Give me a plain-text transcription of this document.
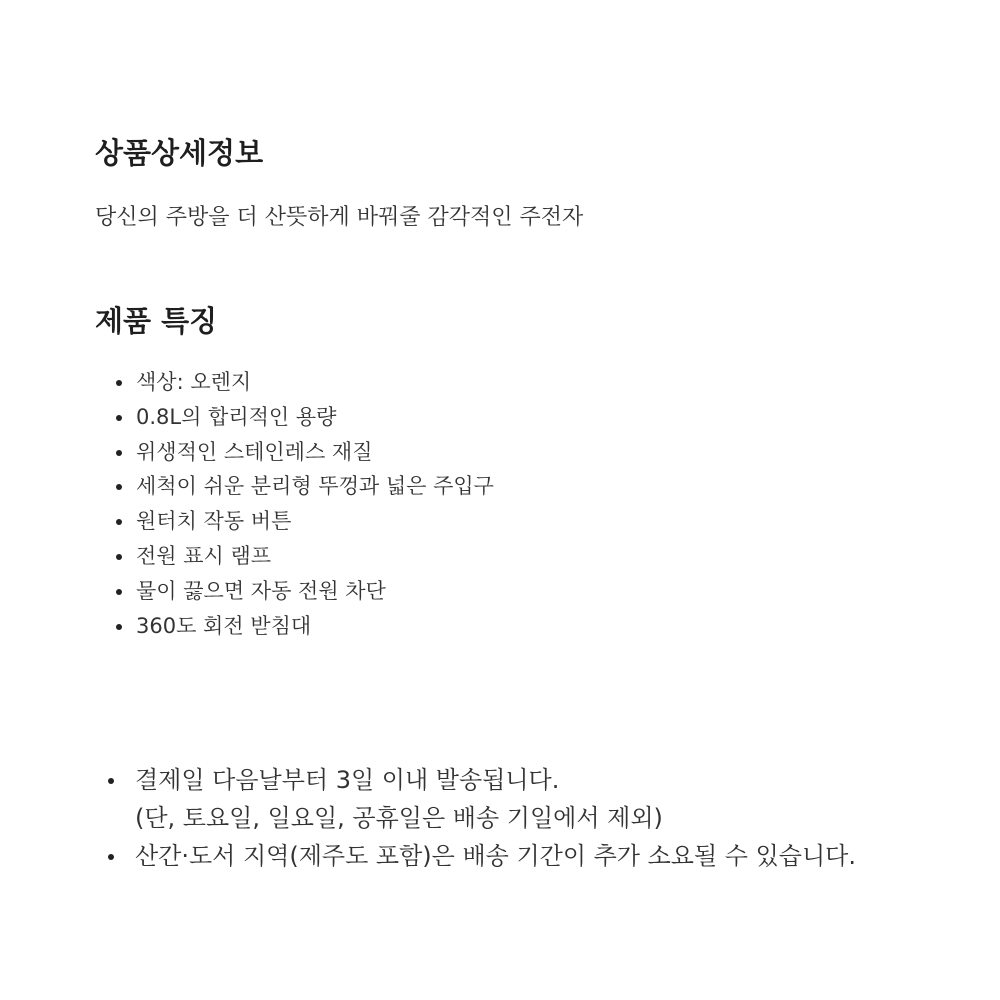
상품상세정보

당신의 주방을 더 산뜻하게 바꿔줄 감각적인 주전자

제품 특징
색상: 오렌지
0.8L의 합리적인 용량
위생적인 스테인레스 재질
세척이 쉬운 분리형 뚜껑과 넓은 주입구
원터치 작동 버튼
전원 표시 램프
물이 끓으면 자동 전원 차단
360도 회전 받침대
결제일 다음날부터 3일 이내 발송됩니다.
(단, 토요일, 일요일, 공휴일은 배송 기일에서 제외)
산간·도서 지역(제주도 포함)은 배송 기간이 추가 소요될 수 있습니다.
